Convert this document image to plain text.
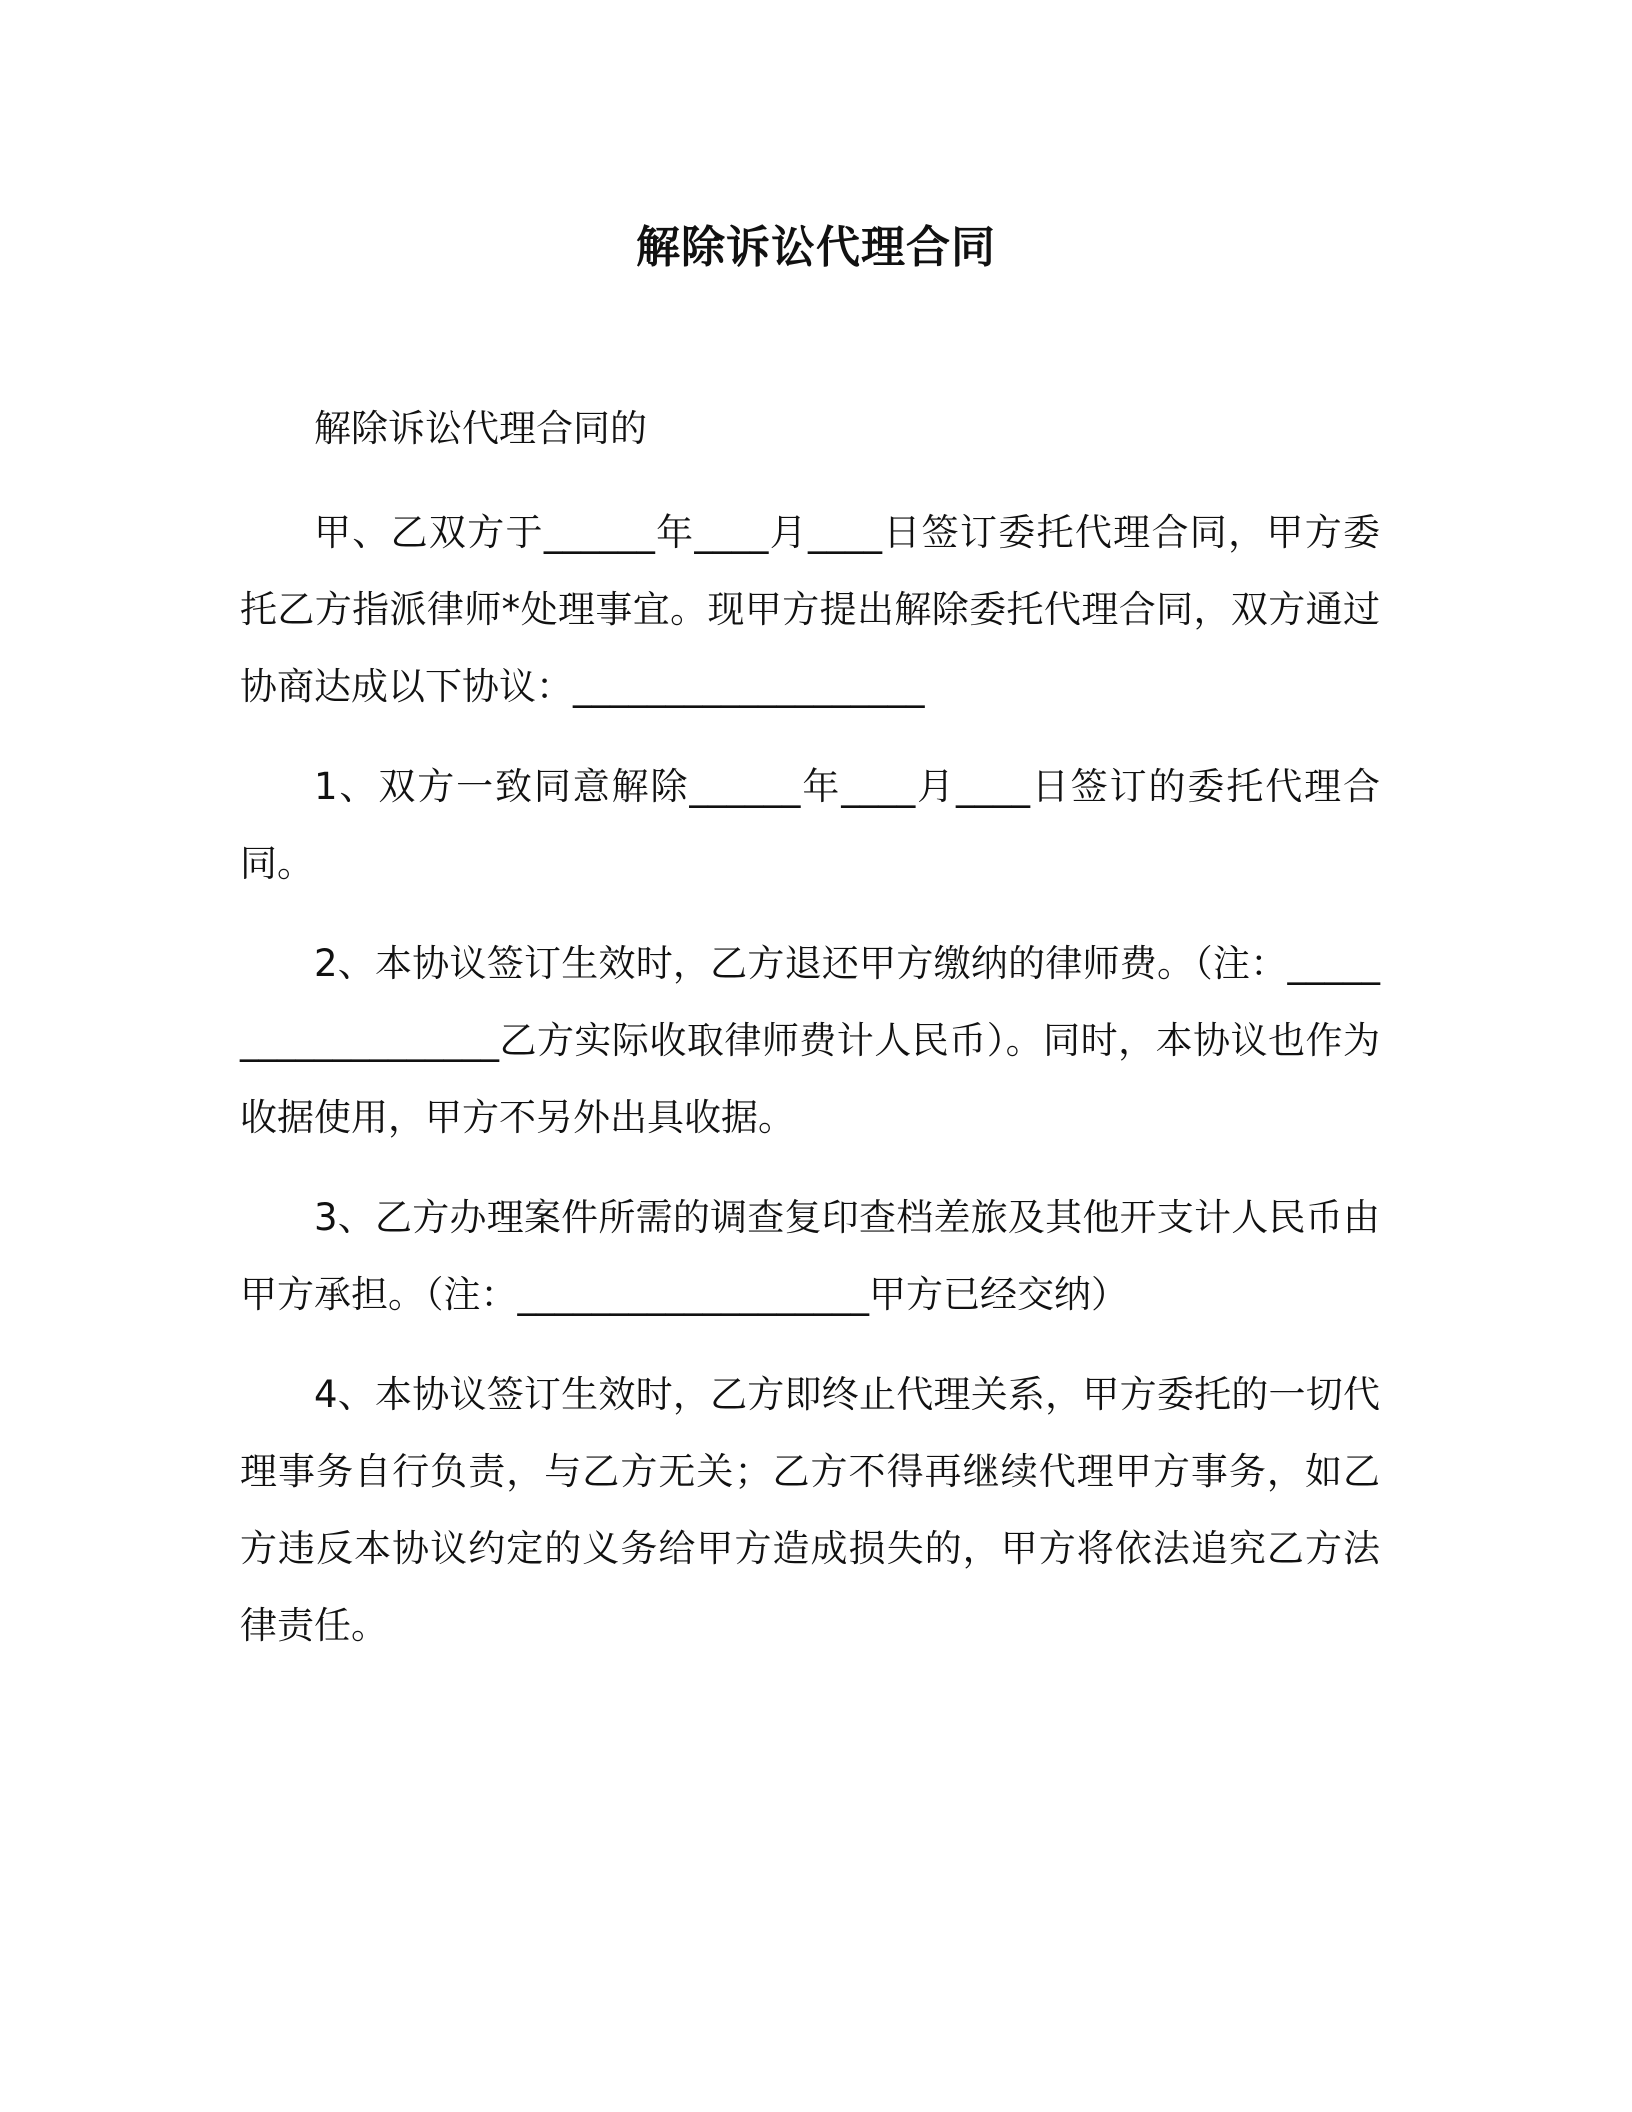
解除诉讼代理合同

解除诉讼代理合同的

甲、乙双方于______年____月____日签订委托代理合同，甲方委托乙方指派律师*处理事宜。现甲方提出解除委托代理合同，双方通过协商达成以下协议：___________________

1、双方一致同意解除______年____月____日签订的委托代理合同。

2、本协议签订生效时，乙方退还甲方缴纳的律师费。（注：___________________乙方实际收取律师费计人民币）。同时，本协议也作为收据使用，甲方不另外出具收据。

3、乙方办理案件所需的调查复印查档差旅及其他开支计人民币由甲方承担。（注：___________________甲方已经交纳）

4、本协议签订生效时，乙方即终止代理关系，甲方委托的一切代理事务自行负责，与乙方无关；乙方不得再继续代理甲方事务，如乙方违反本协议约定的义务给甲方造成损失的，甲方将依法追究乙方法律责任。
